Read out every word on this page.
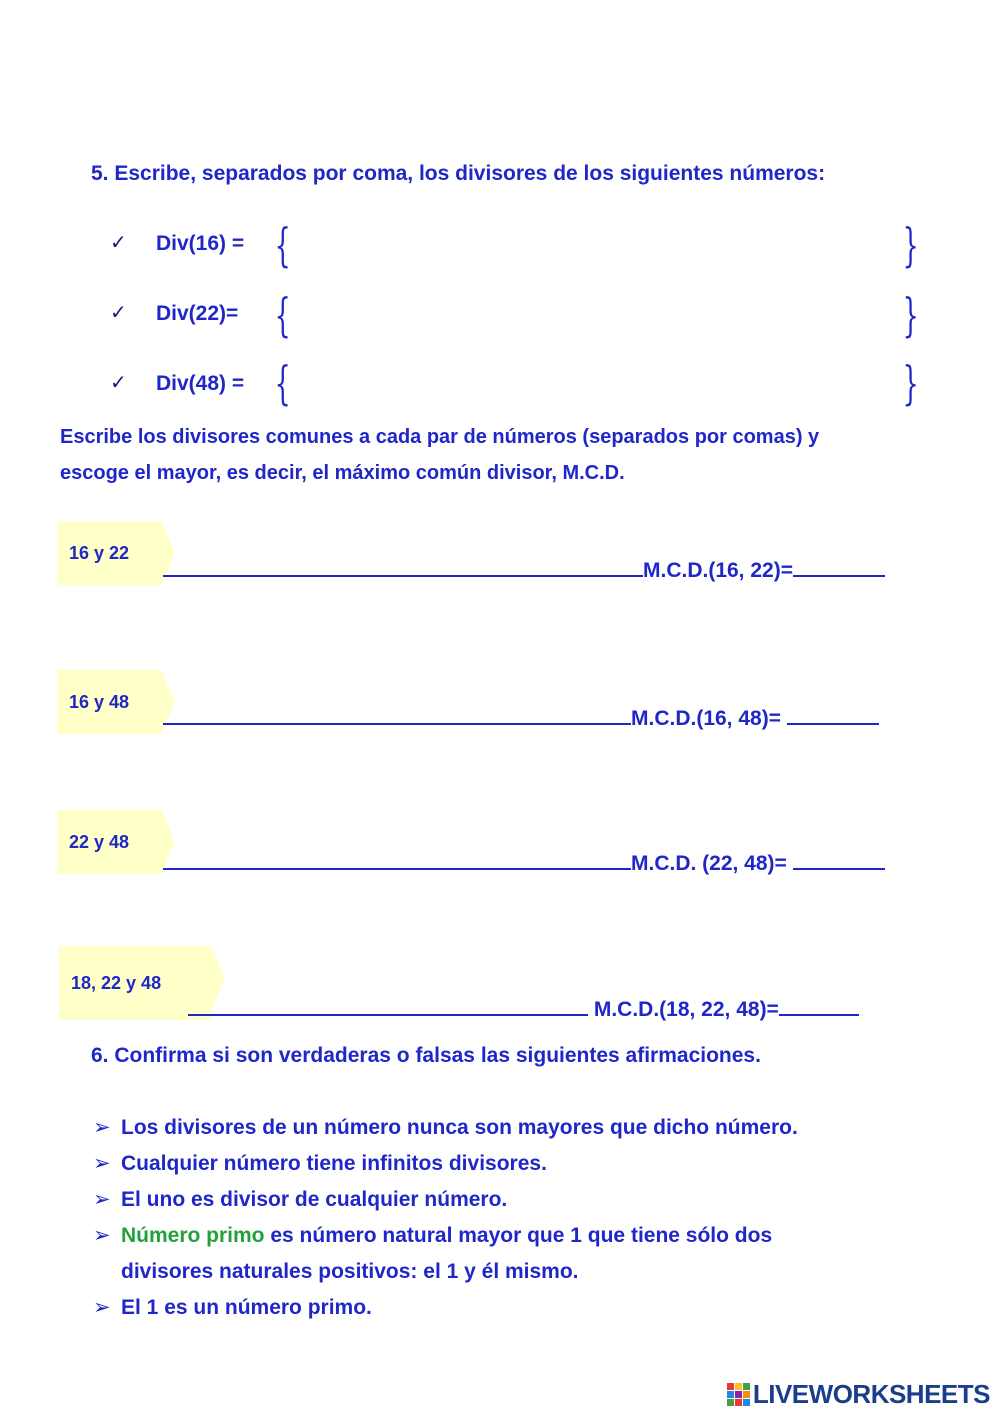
5. Escribe, separados por coma, los divisores de los siguientes números:
✓ Div(16) = {	}
✓ Div(22)= {	}
✓ Div(48) = {	}
Escribe los divisores comunes a cada par de números (separados por comas) y
escoge el mayor, es decir, el máximo común divisor, M.C.D.
16 y 22
M.C.D.(16, 22)=
16 y 48
M.C.D.(16, 48)=
22 y 48
M.C.D. (22, 48)=
18, 22 y 48
M.C.D.(18, 22, 48)=
6. Confirma si son verdaderas o falsas las siguientes afirmaciones.
➢ Los divisores de un número nunca son mayores que dicho número.
➢ Cualquier número tiene infinitos divisores.
➢ El uno es divisor de cualquier número.
➢ Número primo es número natural mayor que 1 que tiene sólo dos
divisores naturales positivos: el 1 y él mismo.
➢ El 1 es un número primo.
LIVEWORKSHEETS
